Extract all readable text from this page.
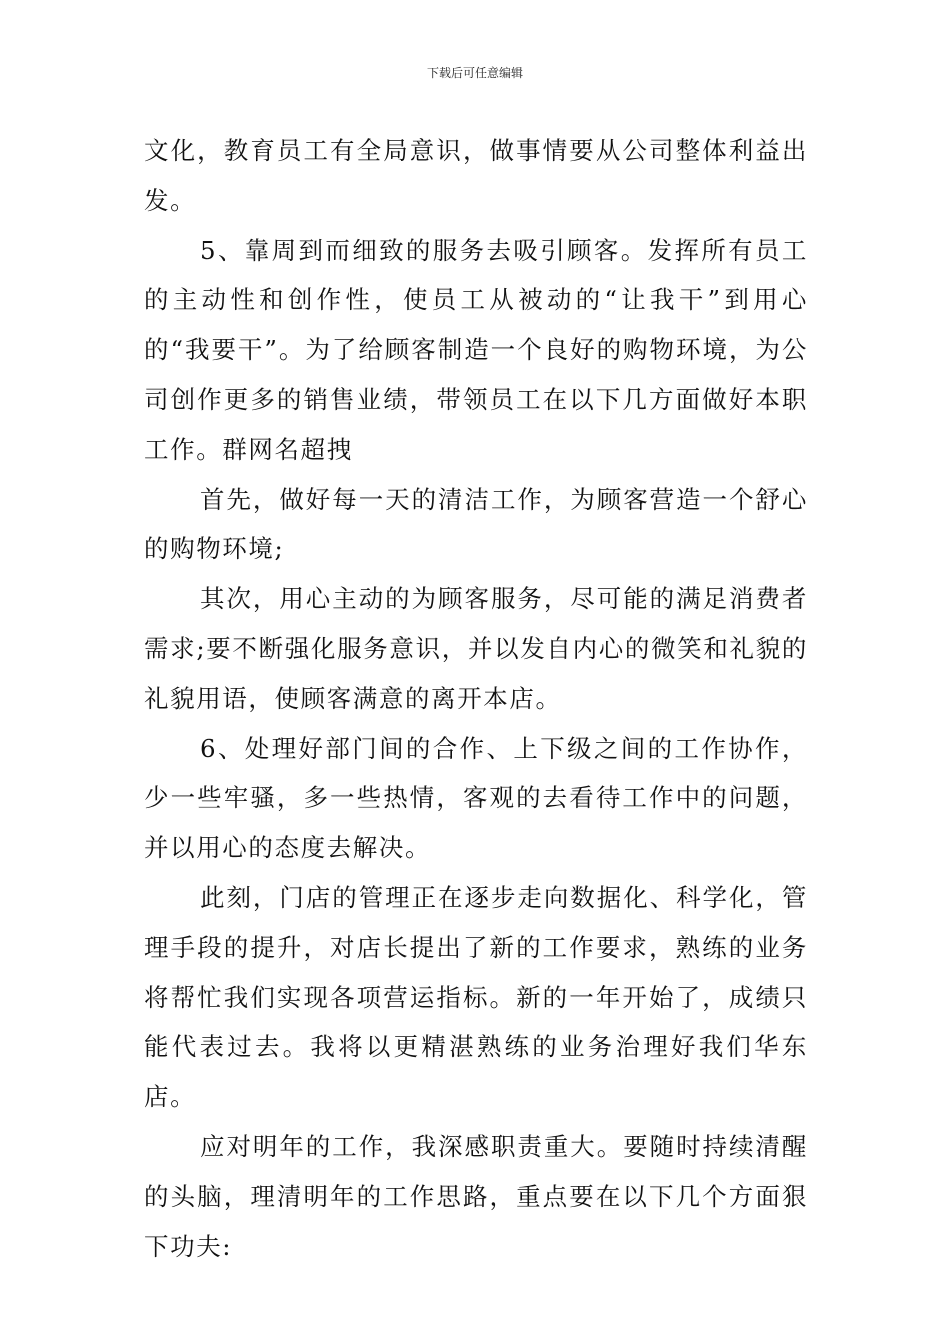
下载后可任意编辑

文化，教育员工有全局意识，做事情要从公司整体利益出发。

5、靠周到而细致的服务去吸引顾客。发挥所有员工的主动性和创作性，使员工从被动的“让我干”到用心的“我要干”。为了给顾客制造一个良好的购物环境，为公司创作更多的销售业绩，带领员工在以下几方面做好本职工作。群网名超拽

首先，做好每一天的清洁工作，为顾客营造一个舒心的购物环境;

其次，用心主动的为顾客服务，尽可能的满足消费者需求;要不断强化服务意识，并以发自内心的微笑和礼貌的礼貌用语，使顾客满意的离开本店。

6、处理好部门间的合作、上下级之间的工作协作，少一些牢骚，多一些热情，客观的去看待工作中的问题，并以用心的态度去解决。

此刻，门店的管理正在逐步走向数据化、科学化，管理手段的提升，对店长提出了新的工作要求，熟练的业务将帮忙我们实现各项营运指标。新的一年开始了，成绩只能代表过去。我将以更精湛熟练的业务治理好我们华东店。

应对明年的工作，我深感职责重大。要随时持续清醒的头脑，理清明年的工作思路，重点要在以下几个方面狠下功夫:
